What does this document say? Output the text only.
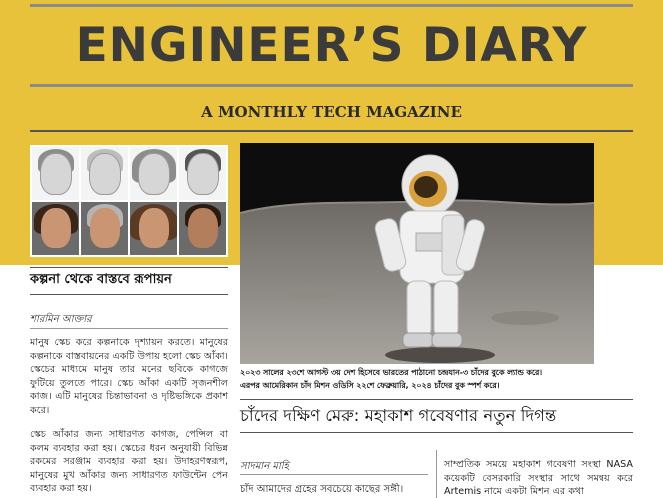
ENGINEER’S DIARY
A MONTHLY TECH MAGAZINE
কল্পনা থেকে বাস্তবে রূপায়ন
শারমিন আক্তার

মানুষ স্কেচ করে কল্পনাকে দৃশ্যায়ন করতে। মানুষের কল্পনাকে বাস্তবায়নের একটি উপায় হলো স্কেচ আঁকা। স্কেচের মাধ্যমে মানুষ তার মনের ছবিকে কাগজে ফুটিয়ে তুলতে পারে। স্কেচ আঁকা একটি সৃজনশীল কাজ। এটি মানুষের চিন্তাভাবনা ও দৃষ্টিভঙ্গিকে প্রকাশ করে।

স্কেচ আঁকার জন্য সাধারণত কাগজ, পেন্সিল বা কলম ব্যবহার করা হয়। স্কেচের ধরন অনুযায়ী বিভিন্ন রকমের সরঞ্জাম ব্যবহার করা হয়। উদাহরণস্বরূপ, মানুষের মুখ আঁকার জন্য সাধারণত ফাউন্টেন পেন ব্যবহার করা হয়।

২০২৩ সালের ২৩শে আগস্ট ৩য় দেশ হিসেবে ভারতের পাঠানো চন্দ্রযান-৩ চাঁদের বুকে ল্যান্ড করে।
এরপর আমেরিকান চাঁদ মিশন ওডিসি ২২শে ফেব্রুয়ারি, ২০২৪ চাঁদের বুক স্পর্শ করে।
চাঁদের দক্ষিণ মেরু: মহাকাশ গবেষণার নতুন দিগন্ত
সাদমান মাহি

চাঁদ আমাদের গ্রহের সবচেয়ে কাছের সঙ্গী।

সাম্প্রতিক সময়ে মহাকাশ গবেষণা সংস্থা NASA কয়েকটি বেসরকারি সংস্থার সাথে সমন্বয় করে Artemis নামে একটা মিশন এর কথা
